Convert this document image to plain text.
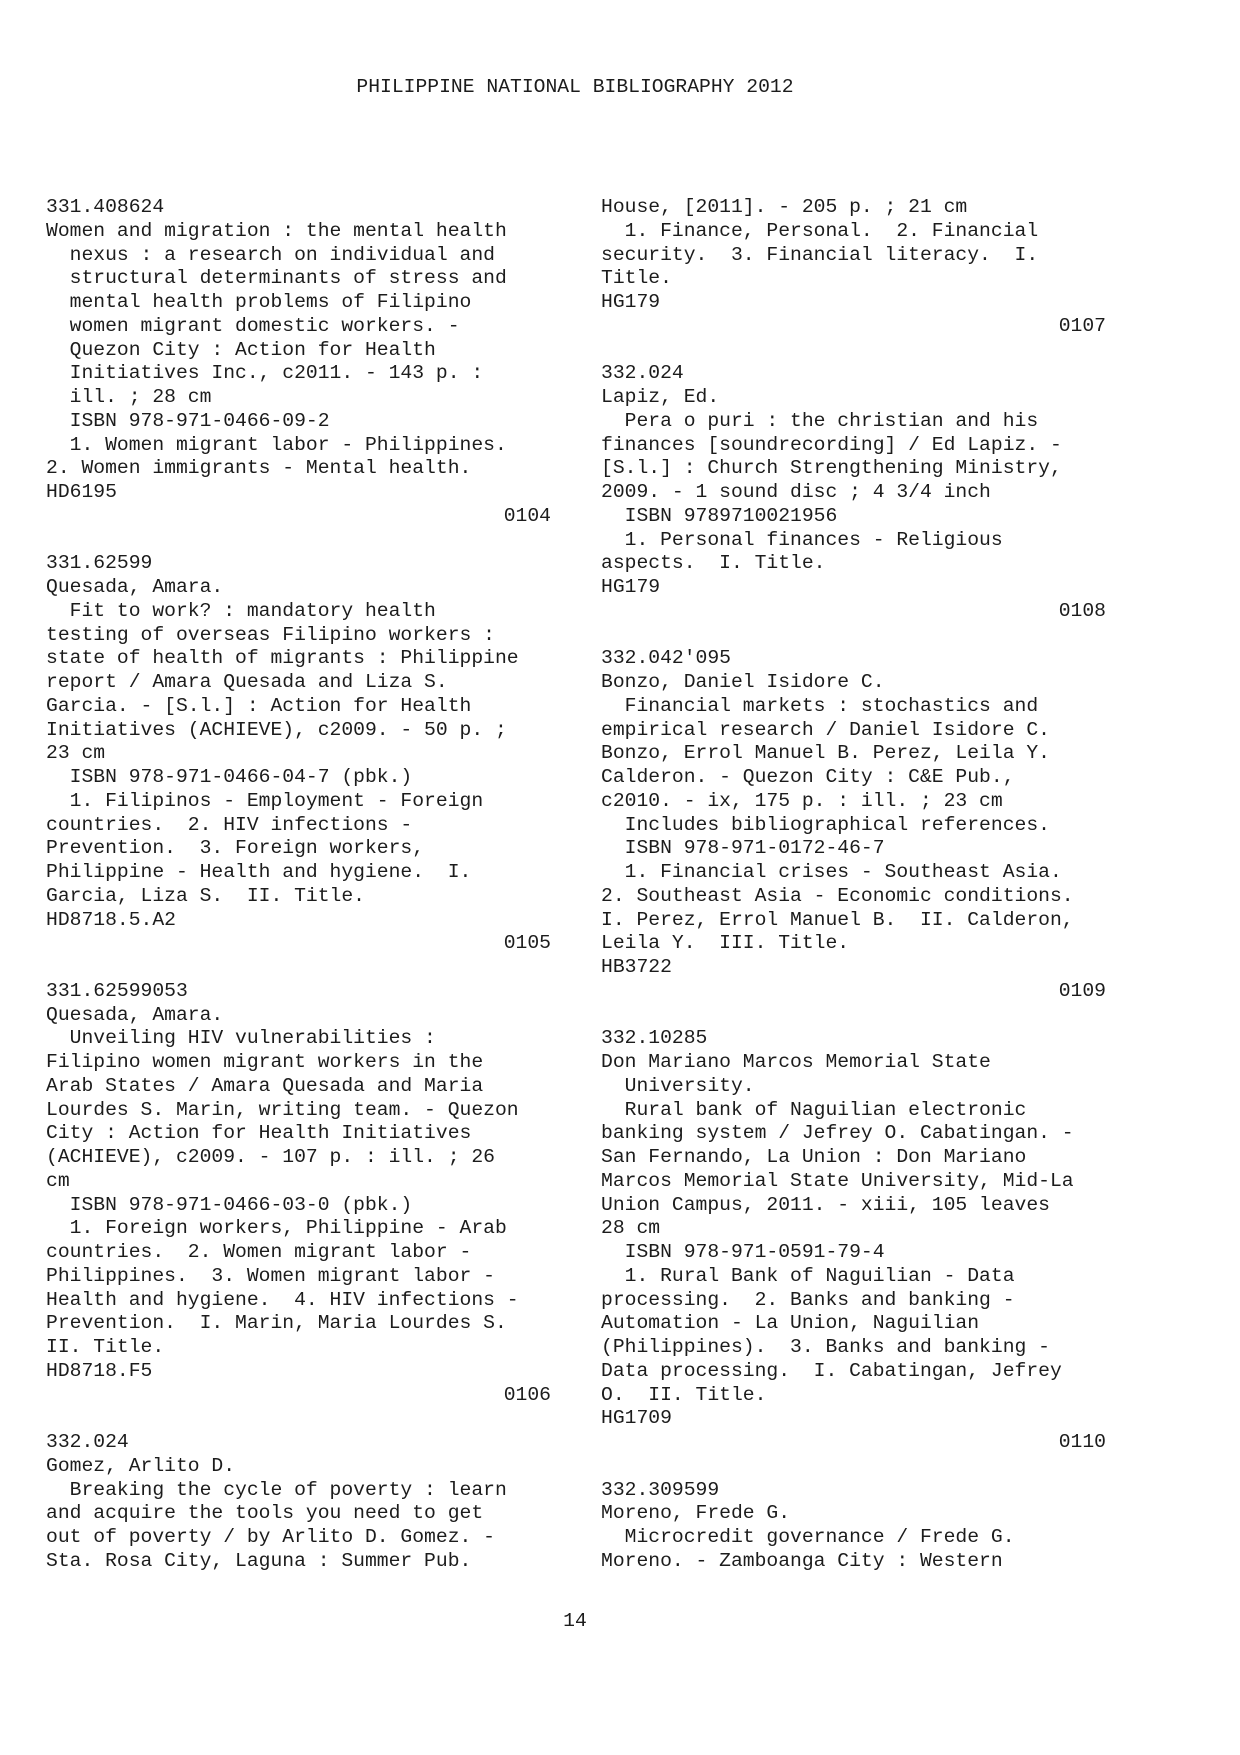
PHILIPPINE NATIONAL BIBLIOGRAPHY 2012
331.408624
Women and migration : the mental health
nexus : a research on individual and
structural determinants of stress and
mental health problems of Filipino
women migrant domestic workers. -
Quezon City : Action for Health
Initiatives Inc., c2011. - 143 p. :
ill. ; 28 cm
ISBN 978-971-0466-09-2
1. Women migrant labor - Philippines.
2. Women immigrants - Mental health.
HD6195
0104
331.62599
Quesada, Amara.
Fit to work? : mandatory health
testing of overseas Filipino workers :
state of health of migrants : Philippine
report / Amara Quesada and Liza S.
Garcia. - [S.l.] : Action for Health
Initiatives (ACHIEVE), c2009. - 50 p. ;
23 cm
ISBN 978-971-0466-04-7 (pbk.)
1. Filipinos - Employment - Foreign
countries.  2. HIV infections -
Prevention.  3. Foreign workers,
Philippine - Health and hygiene.  I.
Garcia, Liza S.  II. Title.
HD8718.5.A2
0105
331.62599053
Quesada, Amara.
Unveiling HIV vulnerabilities :
Filipino women migrant workers in the
Arab States / Amara Quesada and Maria
Lourdes S. Marin, writing team. - Quezon
City : Action for Health Initiatives
(ACHIEVE), c2009. - 107 p. : ill. ; 26
cm
ISBN 978-971-0466-03-0 (pbk.)
1. Foreign workers, Philippine - Arab
countries.  2. Women migrant labor -
Philippines.  3. Women migrant labor -
Health and hygiene.  4. HIV infections -
Prevention.  I. Marin, Maria Lourdes S.
II. Title.
HD8718.F5
0106
332.024
Gomez, Arlito D.
Breaking the cycle of poverty : learn
and acquire the tools you need to get
out of poverty / by Arlito D. Gomez. -
Sta. Rosa City, Laguna : Summer Pub.
House, [2011]. - 205 p. ; 21 cm
1. Finance, Personal.  2. Financial
security.  3. Financial literacy.  I.
Title.
HG179
0107
332.024
Lapiz, Ed.
Pera o puri : the christian and his
finances [soundrecording] / Ed Lapiz. -
[S.l.] : Church Strengthening Ministry,
2009. - 1 sound disc ; 4 3/4 inch
ISBN 9789710021956
1. Personal finances - Religious
aspects.  I. Title.
HG179
0108
332.042'095
Bonzo, Daniel Isidore C.
Financial markets : stochastics and
empirical research / Daniel Isidore C.
Bonzo, Errol Manuel B. Perez, Leila Y.
Calderon. - Quezon City : C&E Pub.,
c2010. - ix, 175 p. : ill. ; 23 cm
Includes bibliographical references.
ISBN 978-971-0172-46-7
1. Financial crises - Southeast Asia.
2. Southeast Asia - Economic conditions.
I. Perez, Errol Manuel B.  II. Calderon,
Leila Y.  III. Title.
HB3722
0109
332.10285
Don Mariano Marcos Memorial State
University.
Rural bank of Naguilian electronic
banking system / Jefrey O. Cabatingan. -
San Fernando, La Union : Don Mariano
Marcos Memorial State University, Mid-La
Union Campus, 2011. - xiii, 105 leaves
28 cm
ISBN 978-971-0591-79-4
1. Rural Bank of Naguilian - Data
processing.  2. Banks and banking -
Automation - La Union, Naguilian
(Philippines).  3. Banks and banking -
Data processing.  I. Cabatingan, Jefrey
O.  II. Title.
HG1709
0110
332.309599
Moreno, Frede G.
Microcredit governance / Frede G.
Moreno. - Zamboanga City : Western
14
